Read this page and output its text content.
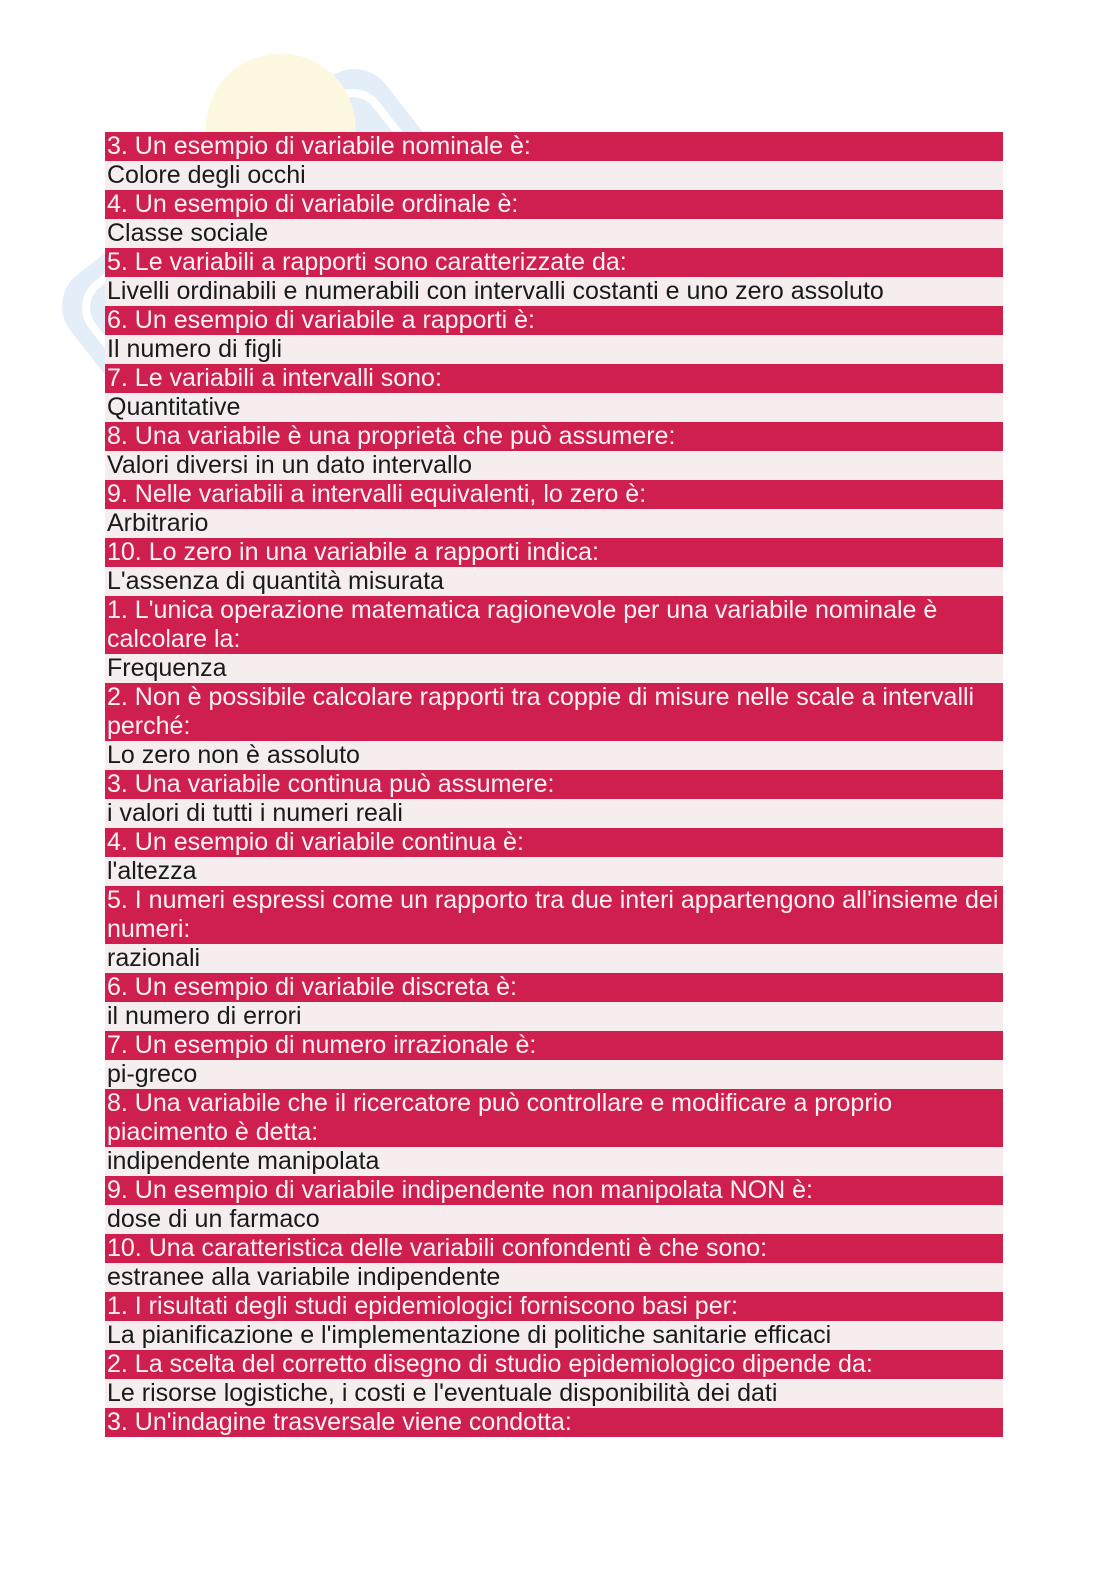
3. Un esempio di variabile nominale è:
Colore degli occhi
4. Un esempio di variabile ordinale è:
Classe sociale
5. Le variabili a rapporti sono caratterizzate da:
Livelli ordinabili e numerabili con intervalli costanti e uno zero assoluto
6. Un esempio di variabile a rapporti è:
Il numero di figli
7. Le variabili a intervalli sono:
Quantitative
8. Una variabile è una proprietà che può assumere:
Valori diversi in un dato intervallo
9. Nelle variabili a intervalli equivalenti, lo zero è:
Arbitrario
10. Lo zero in una variabile a rapporti indica:
L'assenza di quantità misurata
1. L'unica operazione matematica ragionevole per una variabile nominale è calcolare la:
Frequenza
2. Non è possibile calcolare rapporti tra coppie di misure nelle scale a intervalli perché:
Lo zero non è assoluto
3. Una variabile continua può assumere:
i valori di tutti i numeri reali
4. Un esempio di variabile continua è:
l'altezza
5. I numeri espressi come un rapporto tra due interi appartengono all'insieme dei numeri:
razionali
6. Un esempio di variabile discreta è:
il numero di errori
7. Un esempio di numero irrazionale è:
pi-greco
8. Una variabile che il ricercatore può controllare e modificare a proprio piacimento è detta:
indipendente manipolata
9. Un esempio di variabile indipendente non manipolata NON è:
dose di un farmaco
10. Una caratteristica delle variabili confondenti è che sono:
estranee alla variabile indipendente
1. I risultati degli studi epidemiologici forniscono basi per:
La pianificazione e l'implementazione di politiche sanitarie efficaci
2. La scelta del corretto disegno di studio epidemiologico dipende da:
Le risorse logistiche, i costi e l'eventuale disponibilità dei dati
3. Un'indagine trasversale viene condotta:
